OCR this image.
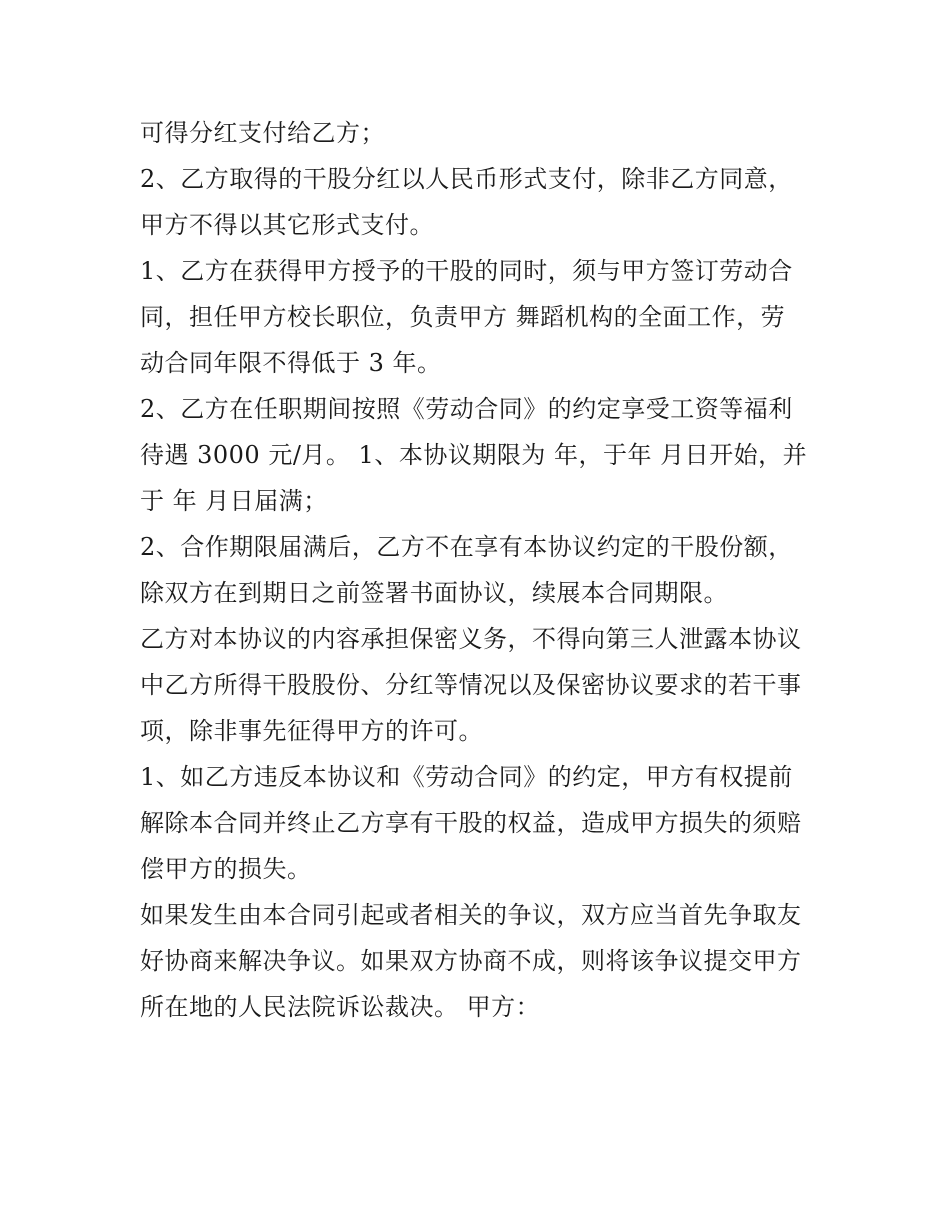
可得分红支付给乙方；
2、乙方取得的干股分红以人民币形式支付，除非乙方同意，
甲方不得以其它形式支付。
1、乙方在获得甲方授予的干股的同时，须与甲方签订劳动合
同，担任甲方校长职位，负责甲方 舞蹈机构的全面工作，劳
动合同年限不得低于 3 年。
2、乙方在任职期间按照《劳动合同》的约定享受工资等福利
待遇 3000 元/月。 1、本协议期限为 年，于年 月日开始，并
于 年 月日届满；
2、合作期限届满后，乙方不在享有本协议约定的干股份额，
除双方在到期日之前签署书面协议，续展本合同期限。
乙方对本协议的内容承担保密义务，不得向第三人泄露本协议
中乙方所得干股股份、分红等情况以及保密协议要求的若干事
项，除非事先征得甲方的许可。
1、如乙方违反本协议和《劳动合同》的约定，甲方有权提前
解除本合同并终止乙方享有干股的权益，造成甲方损失的须赔
偿甲方的损失。
如果发生由本合同引起或者相关的争议，双方应当首先争取友
好协商来解决争议。如果双方协商不成，则将该争议提交甲方
所在地的人民法院诉讼裁决。 甲方：
